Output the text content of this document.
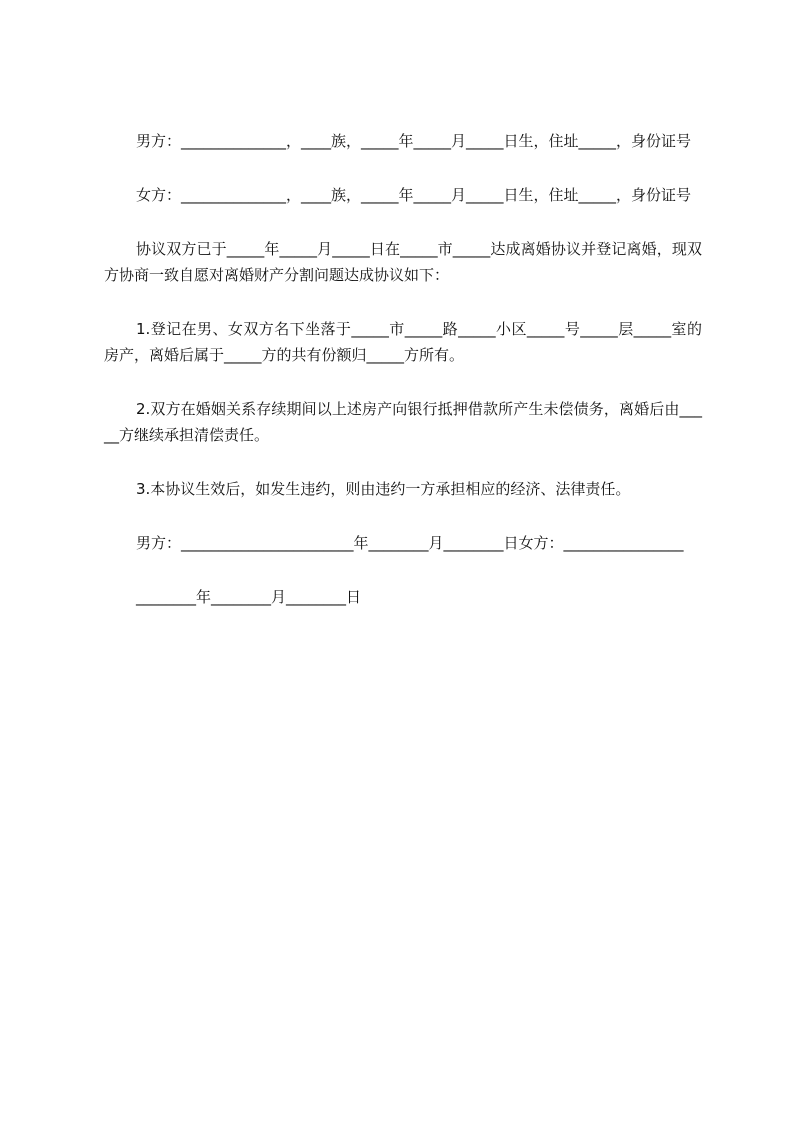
男方：______________，____族，_____年_____月_____日生，住址_____，身份证号

女方：______________，____族，_____年_____月_____日生，住址_____，身份证号

协议双方已于_____年_____月_____日在_____市_____达成离婚协议并登记离婚，现双方协商一致自愿对离婚财产分割问题达成协议如下：

1.登记在男、女双方名下坐落于_____市_____路_____小区_____号_____层_____室的房产，离婚后属于_____方的共有份额归_____方所有。

2.双方在婚姻关系存续期间以上述房产向银行抵押借款所产生未偿债务，离婚后由_____方继续承担清偿责任。

3.本协议生效后，如发生违约，则由违约一方承担相应的经济、法律责任。

男方：_______________________年________月________日女方：________________

________年________月________日
